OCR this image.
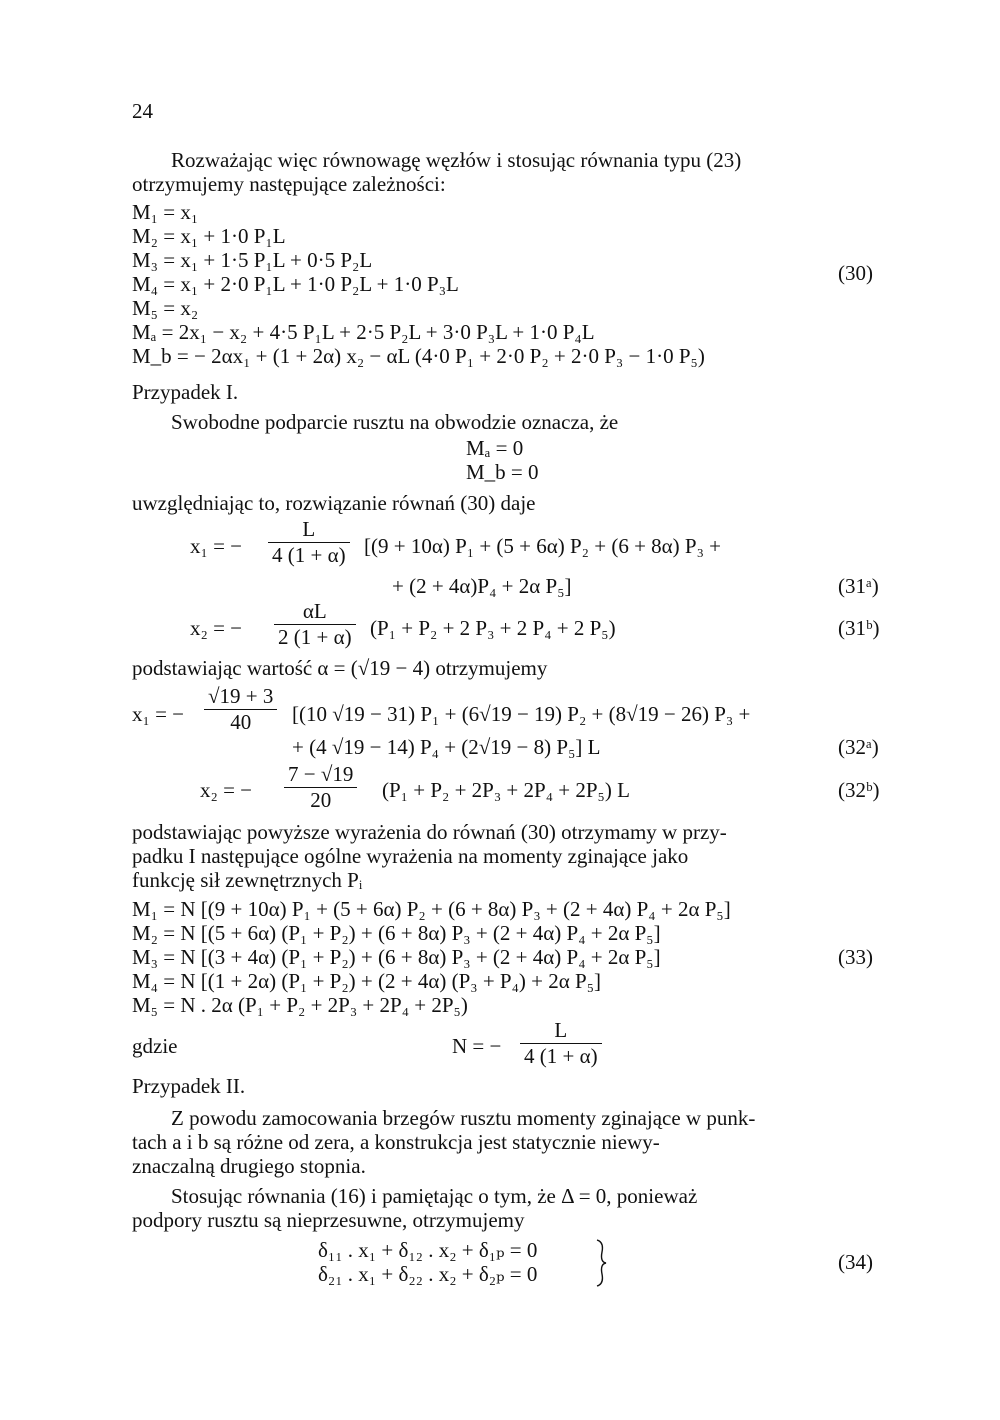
24
Rozważając więc równowagę węzłów i stosując równania typu (23)
otrzymujemy następujące zależności:
M₁ = x₁
M₂ = x₁ + 1·0 P₁L
M₃ = x₁ + 1·5 P₁L + 0·5 P₂L
M₄ = x₁ + 2·0 P₁L + 1·0 P₂L + 1·0 P₃L
M₅ = x₂
Mₐ = 2x₁ − x₂ + 4·5 P₁L + 2·5 P₂L + 3·0 P₃L + 1·0 P₄L
M_b = − 2αx₁ + (1 + 2α) x₂ − αL (4·0 P₁ + 2·0 P₂ + 2·0 P₃ − 1·0 P₅)
(30)
Przypadek I.
Swobodne podparcie rusztu na obwodzie oznacza, że
Mₐ = 0
M_b = 0
uwzględniając to, rozwiązanie równań (30) daje
x₁ = − $\frac{L}{4 (1 + \alpha)} [(9 + 10\alpha) P_1 + (5 + 6\alpha) P_2 + (6 + 8\alpha) P_3$ +
+ (2 + 4α)P₄ + 2α P₅]	(31ᵃ)
x₂ = − $\frac{\alpha L}{2 (1 + \alpha)} (P_1 + P_2 + 2$ P₃ + 2 P₄ + 2 P₅)	(31ᵇ)
podstawiając wartość α = (√19 − 4) otrzymujemy
x₁ = − $\frac{√19 + 3}{40} [(10$ √19 − 31) P₁ + (6√19 − 19) P₂ + (8√19 − 26) P₃ +
+ (4 √19 − 14) P₄ + (2√19 − 8) P₅] L	(32ᵃ)
x₂ = − $\frac{7 - √19}{20} (P_1 + P_2 + 2P_3 + 2P_4 + 2P_5)$ L	(32ᵇ)
podstawiając powyższe wyrażenia do równań (30) otrzymamy w przy-
padku I następujące ogólne wyrażenia na momenty zginające jako
funkcję sił zewnętrznych Pᵢ
M₁ = N [(9 + 10α) P₁ + (5 + 6α) P₂ + (6 + 8α) P₃ + (2 + 4α) P₄ + 2α P₅]
M₂ = N [(5 + 6α) (P₁ + P₂) + (6 + 8α) P₃ + (2 + 4α) P₄ + 2α P₅]
M₃ = N [(3 + 4α) (P₁ + P₂) + (6 + 8α) P₃ + (2 + 4α) P₄ + 2α P₅]
M₄ = N [(1 + 2α) (P₁ + P₂) + (2 + 4α) (P₃ + P₄) + 2α P₅]
M₅ = N . 2α (P₁ + P₂ + 2P₃ + 2P₄ + 2P₅)
(33)
gdzie	N = − $\frac{L}{4 (1 + \alpha)}$
Przypadek II.
Z powodu zamocowania brzegów rusztu momenty zginające w punk-
tach a i b są różne od zera, a konstrukcja jest statycznie niewy-
znaczalną drugiego stopnia.
Stosując równania (16) i pamiętając o tym, że Δ = 0, ponieważ
podpory rusztu są nieprzesuwne, otrzymujemy
δ₁₁ . x₁ + δ₁₂ . x₂ + δ₁ₚ = 0
δ₂₁ . x₁ + δ₂₂ . x₂ + δ₂ₚ = 0	(34)
